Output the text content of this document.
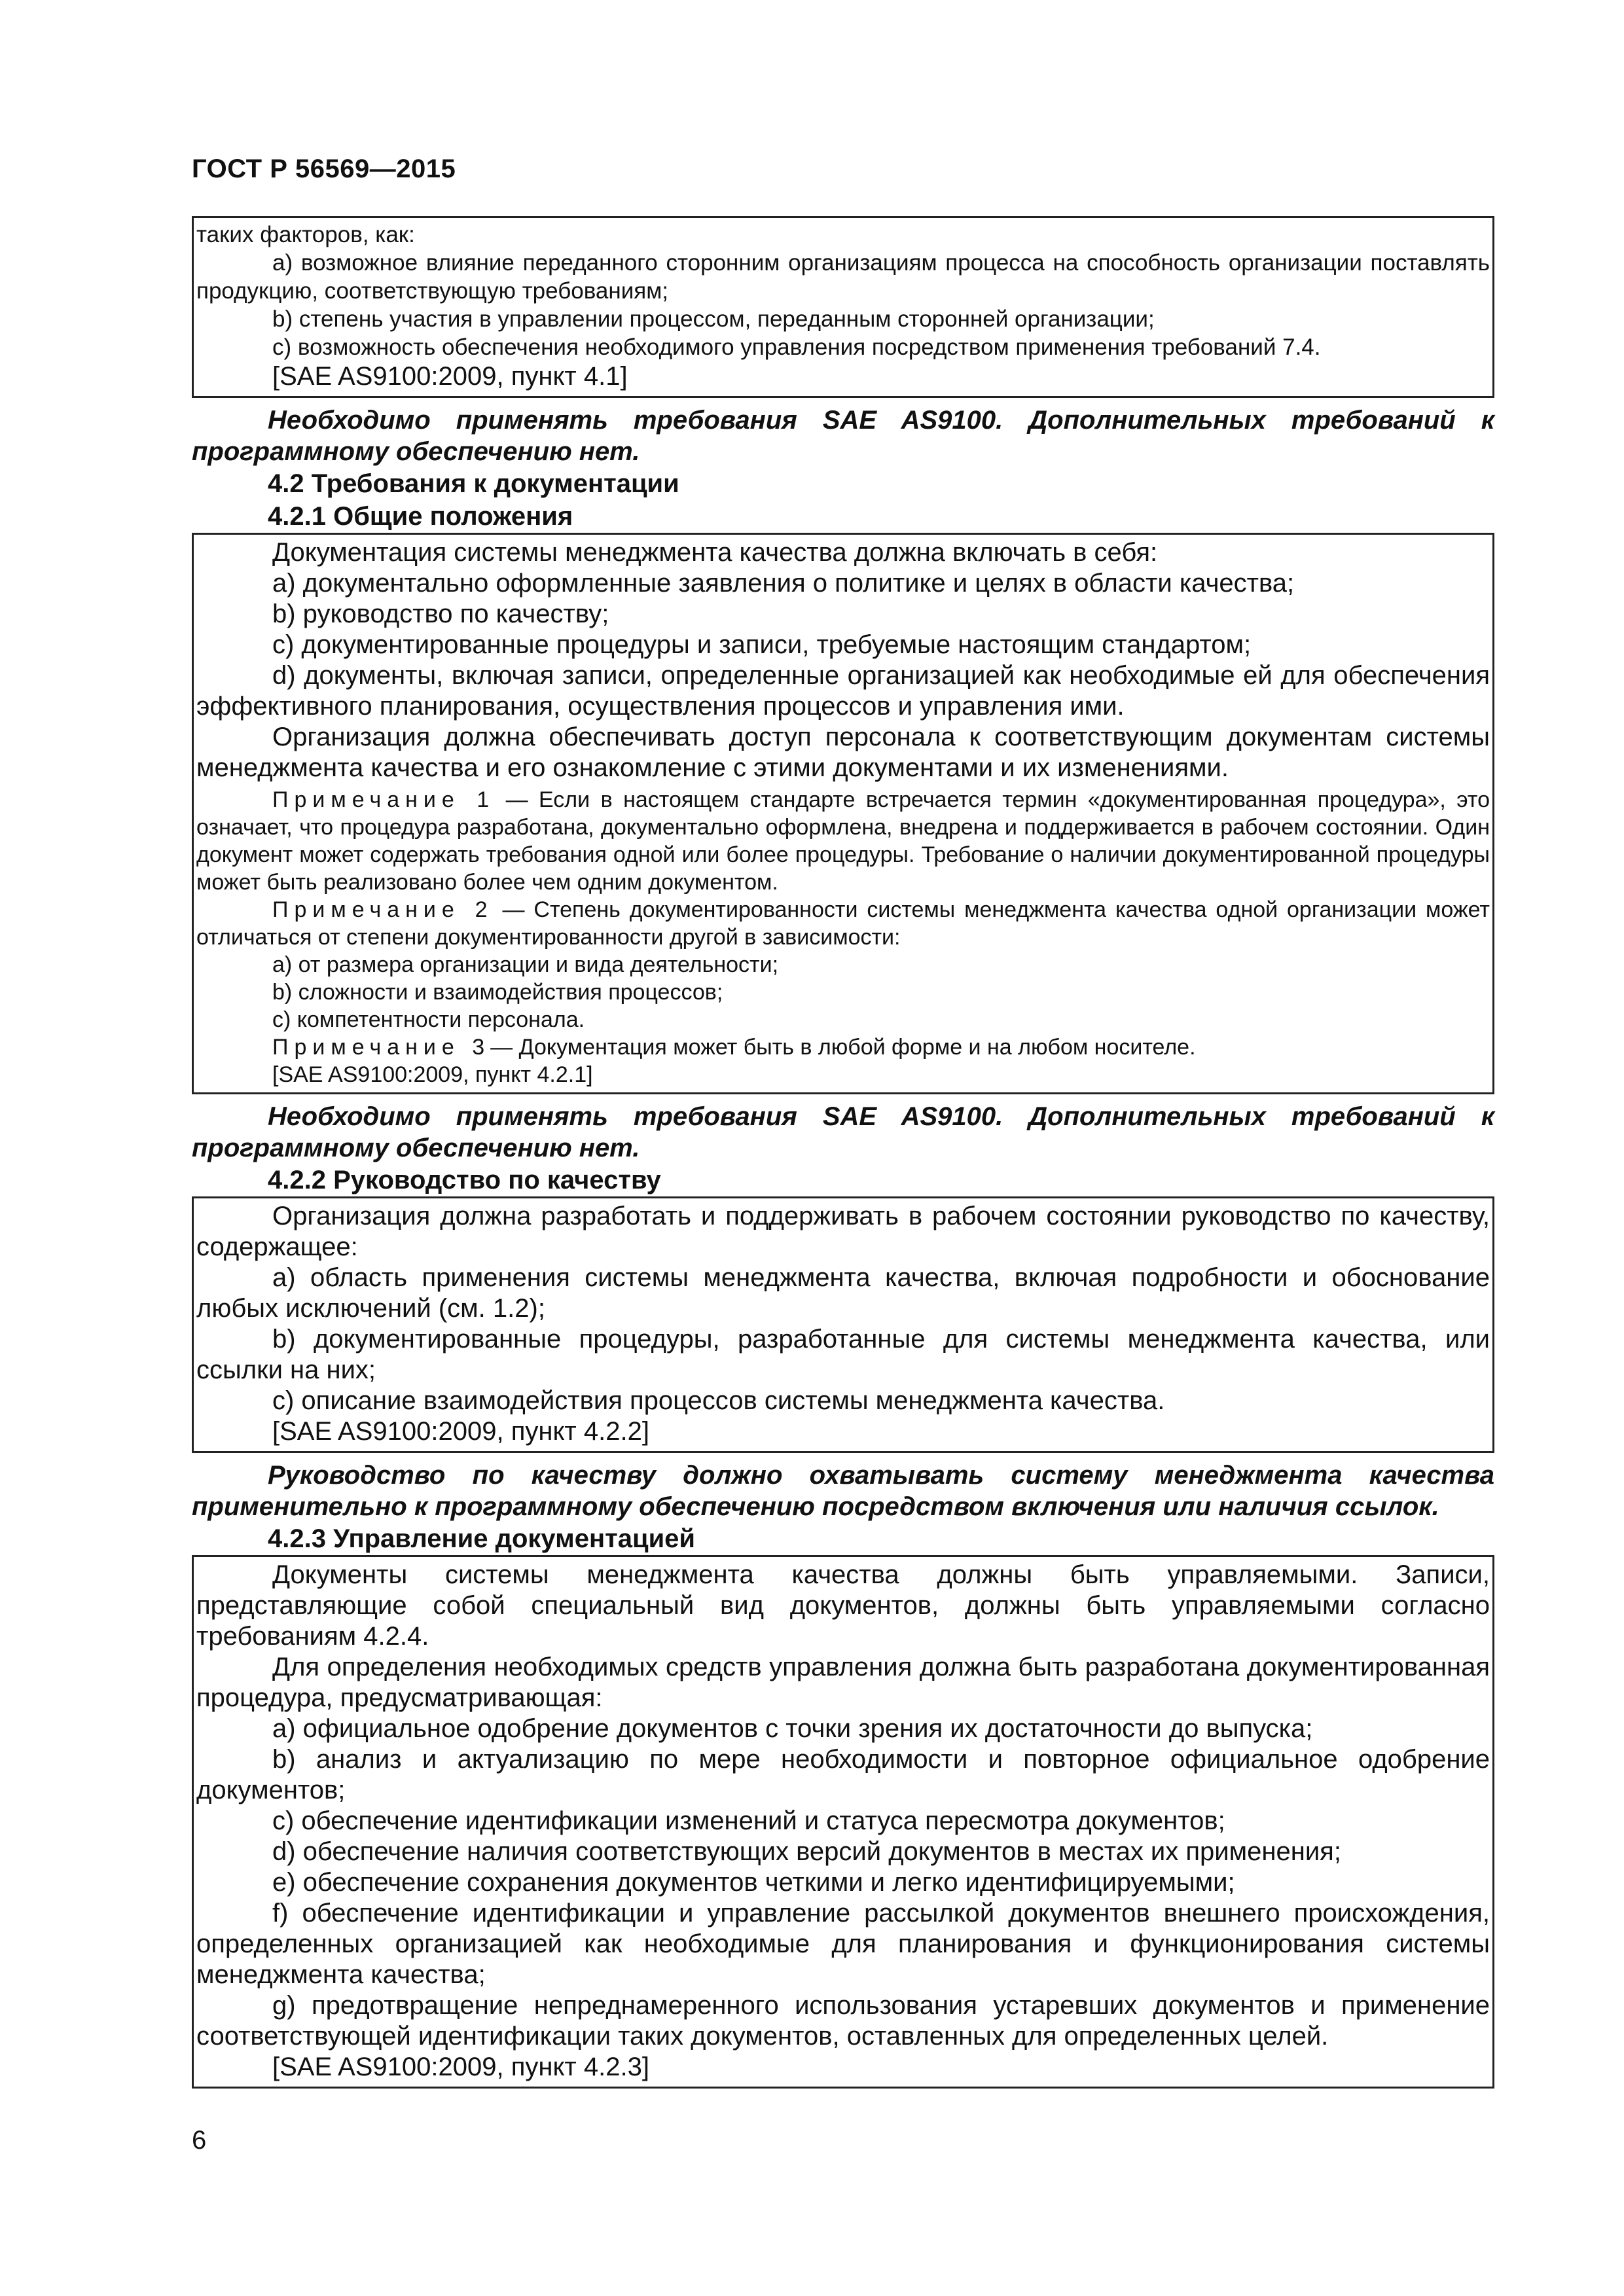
ГОСТ Р 56569—2015

таких факторов, как:

a) возможное влияние переданного сторонним организациям процесса на способность организации поставлять продукцию, соответствующую требованиям;

b) степень участия в управлении процессом, переданным сторонней организации;

c) возможность обеспечения необходимого управления посредством применения требований 7.4.

[SAE AS9100:2009, пункт 4.1]

Необходимо применять требования SAE AS9100. Дополнительных требований к программному обеспечению нет.

4.2 Требования к документации

4.2.1 Общие положения

Документация системы менеджмента качества должна включать в себя:

a) документально оформленные заявления о политике и целях в области качества;

b) руководство по качеству;

c) документированные процедуры и записи, требуемые настоящим стандартом;

d) документы, включая записи, определенные организацией как необходимые ей для обеспечения эффективного планирования, осуществления процессов и управления ими.

Организация должна обеспечивать доступ персонала к соответствующим документам системы менеджмента качества и его ознакомление с этими документами и их изменениями.

Примечание 1 — Если в настоящем стандарте встречается термин «документированная процедура», это означает, что процедура разработана, документально оформлена, внедрена и поддерживается в рабочем состоянии. Один документ может содержать требования одной или более процедуры. Требование о наличии документированной процедуры может быть реализовано более чем одним документом.

Примечание 2 — Степень документированности системы менеджмента качества одной организации может отличаться от степени документированности другой в зависимости:

a) от размера организации и вида деятельности;

b) сложности и взаимодействия процессов;

c) компетентности персонала.

Примечание 3— Документация может быть в любой форме и на любом носителе.

[SAE AS9100:2009, пункт 4.2.1]

Необходимо применять требования SAE AS9100. Дополнительных требований к программному обеспечению нет.

4.2.2 Руководство по качеству

Организация должна разработать и поддерживать в рабочем состоянии руководство по качеству, содержащее:

a) область применения системы менеджмента качества, включая подробности и обоснование любых исключений (см. 1.2);

b) документированные процедуры, разработанные для системы менеджмента качества, или ссылки на них;

c) описание взаимодействия процессов системы менеджмента качества.

[SAE AS9100:2009, пункт 4.2.2]

Руководство по качеству должно охватывать систему менеджмента качества применительно к программному обеспечению посредством включения или наличия ссылок.

4.2.3 Управление документацией

Документы системы менеджмента качества должны быть управляемыми. Записи, представляющие собой специальный вид документов, должны быть управляемыми согласно требованиям 4.2.4.

Для определения необходимых средств управления должна быть разработана документированная процедура, предусматривающая:

a) официальное одобрение документов с точки зрения их достаточности до выпуска;

b) анализ и актуализацию по мере необходимости и повторное официальное одобрение документов;

c) обеспечение идентификации изменений и статуса пересмотра документов;

d) обеспечение наличия соответствующих версий документов в местах их применения;

e) обеспечение сохранения документов четкими и легко идентифицируемыми;

f) обеспечение идентификации и управление рассылкой документов внешнего происхождения, определенных организацией как необходимые для планирования и функционирования системы менеджмента качества;

g) предотвращение непреднамеренного использования устаревших документов и применение соответствующей идентификации таких документов, оставленных для определенных целей.

[SAE AS9100:2009, пункт 4.2.3]

6
